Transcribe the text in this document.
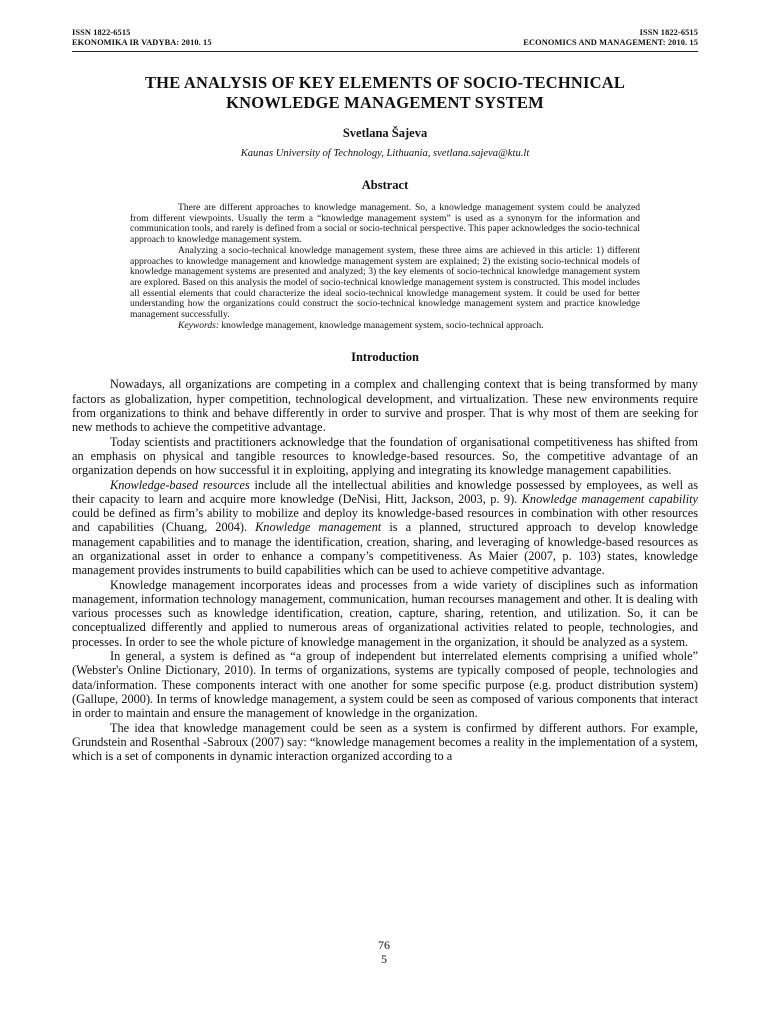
ISSN 1822-6515
EKONOMIKA IR VADYBA: 2010. 15
ISSN 1822-6515
ECONOMICS AND MANAGEMENT: 2010. 15
THE ANALYSIS OF KEY ELEMENTS OF SOCIO-TECHNICAL
KNOWLEDGE MANAGEMENT SYSTEM
Svetlana Šajeva
Kaunas University of Technology, Lithuania, svetlana.sajeva@ktu.lt
Abstract

There are different approaches to knowledge management. So, a knowledge management system could be analyzed from different viewpoints. Usually the term a “knowledge management system” is used as a synonym for the information and communication tools, and rarely is defined from a social or socio-technical perspective. This paper acknowledges the socio-technical approach to knowledge management system.

Analyzing a socio-technical knowledge management system, these three aims are achieved in this article: 1) different approaches to knowledge management and knowledge management system are explained; 2) the existing socio-technical models of knowledge management systems are presented and analyzed; 3) the key elements of socio-technical knowledge management system are explored. Based on this analysis the model of socio-technical knowledge management system is constructed. This model includes all essential elements that could characterize the ideal socio-technical knowledge management system. It could be used for better understanding how the organizations could construct the socio-technical knowledge management system and practice knowledge management successfully.

Keywords: knowledge management, knowledge management system, socio-technical approach.

Introduction

Nowadays, all organizations are competing in a complex and challenging context that is being transformed by many factors as globalization, hyper competition, technological development, and virtualization. These new environments require from organizations to think and behave differently in order to survive and prosper. That is why most of them are seeking for new methods to achieve the competitive advantage.

Today scientists and practitioners acknowledge that the foundation of organisational competitiveness has shifted from an emphasis on physical and tangible resources to knowledge-based resources. So, the competitive advantage of an organization depends on how successful it in exploiting, applying and integrating its knowledge management capabilities.

Knowledge-based resources include all the intellectual abilities and knowledge possessed by employees, as well as their capacity to learn and acquire more knowledge (DeNisi, Hitt, Jackson, 2003, p. 9). Knowledge management capability could be defined as firm’s ability to mobilize and deploy its knowledge-based resources in combination with other resources and capabilities (Chuang, 2004). Knowledge management is a planned, structured approach to develop knowledge management capabilities and to manage the identification, creation, sharing, and leveraging of knowledge-based resources as an organizational asset in order to enhance a company’s competitiveness. As Maier (2007, p. 103) states, knowledge management provides instruments to build capabilities which can be used to achieve competitive advantage.

Knowledge management incorporates ideas and processes from a wide variety of disciplines such as information management, information technology management, communication, human recourses management and other. It is dealing with various processes such as knowledge identification, creation, capture, sharing, retention, and utilization. So, it can be conceptualized differently and applied to numerous areas of organizational activities related to people, technologies, and processes. In order to see the whole picture of knowledge management in the organization, it should be analyzed as a system.

In general, a system is defined as “a group of independent but interrelated elements comprising a unified whole” (Webster's Online Dictionary, 2010). In terms of organizations, systems are typically composed of people, technologies and data/information. These components interact with one another for some specific purpose (e.g. product distribution system) (Gallupe, 2000). In terms of knowledge management, a system could be seen as composed of various components that interact in order to maintain and ensure the management of knowledge in the organization.

The idea that knowledge management could be seen as a system is confirmed by different authors. For example, Grundstein and Rosenthal -Sabroux (2007) say: “knowledge management becomes a reality in the implementation of a system, which is a set of components in dynamic interaction organized according to a

76
5
